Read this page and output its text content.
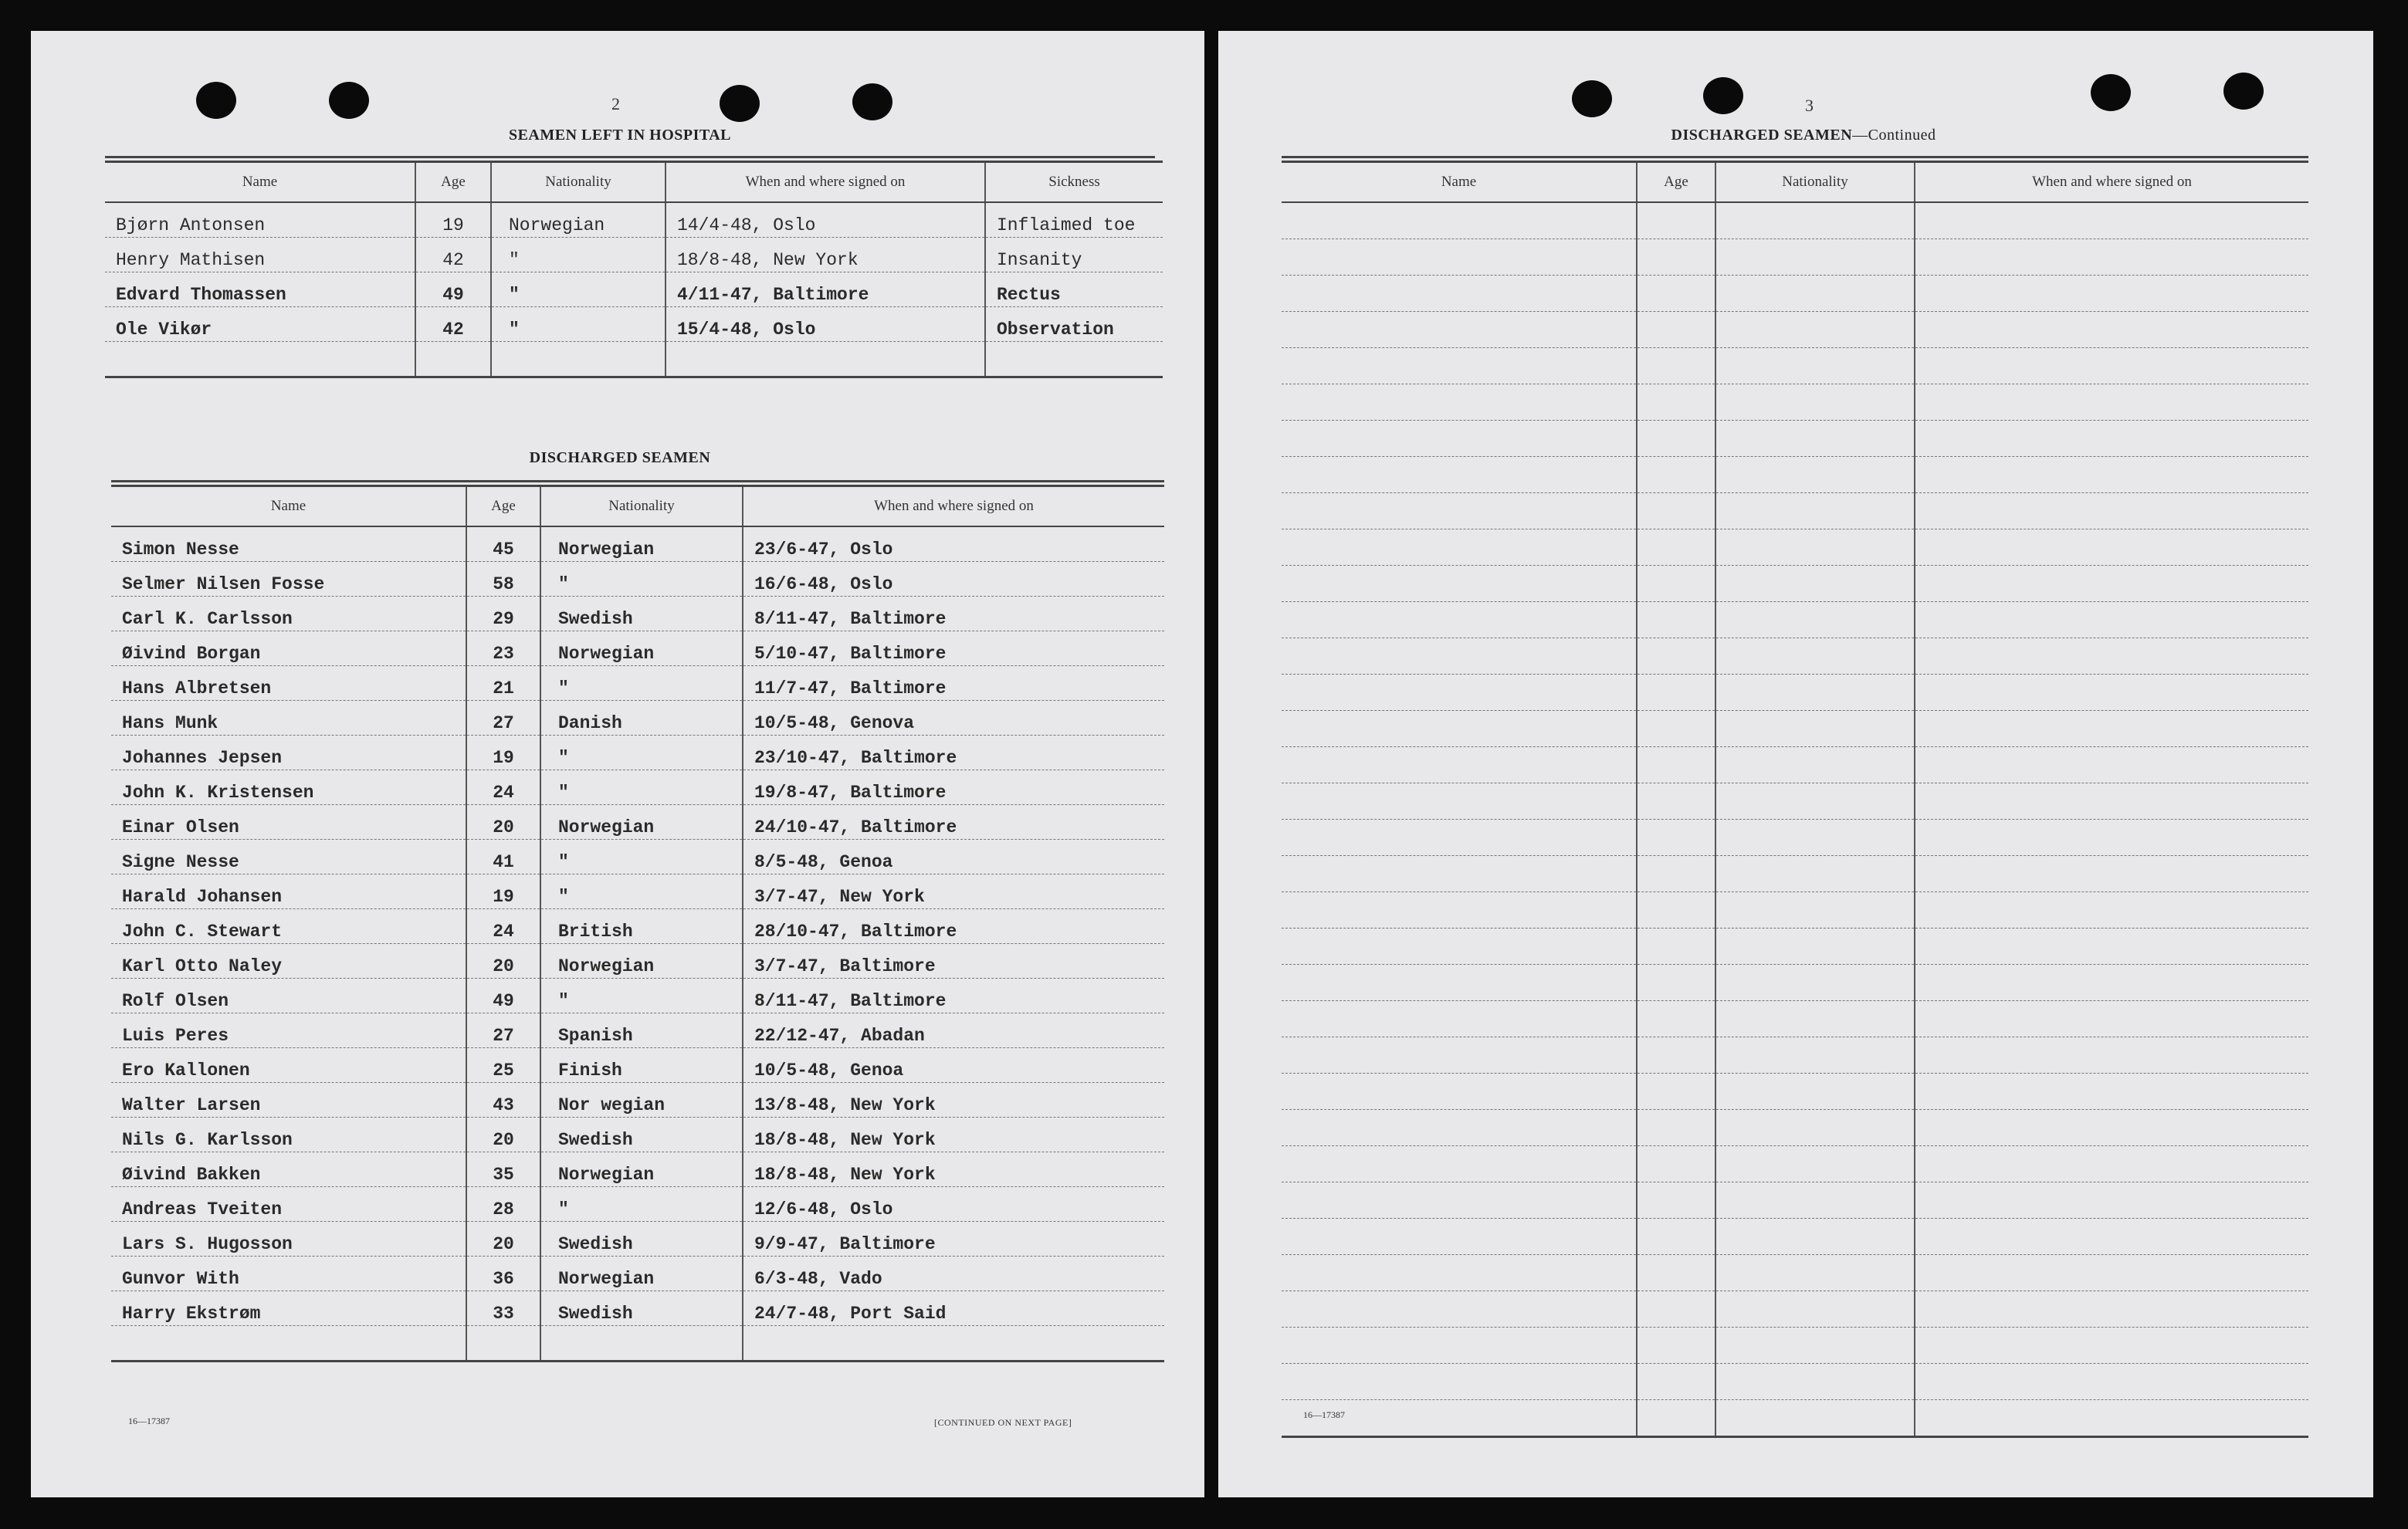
2
SEAMEN LEFT IN HOSPITAL
Name	Age	Nationality	When and where signed on	Sickness
Bjørn Antonsen	19	Norwegian	14/4-48, Oslo	Inflaimed toe
Henry Mathisen	42	"	18/8-48, New York	Insanity
Edvard Thomassen	49	"	4/11-47, Baltimore	Rectus
Ole Vikør	42	"	15/4-48, Oslo	Observation

DISCHARGED SEAMEN
Name	Age	Nationality	When and where signed on
Simon Nesse	45	Norwegian	23/6-47, Oslo
Selmer Nilsen Fosse	58	"	16/6-48, Oslo
Carl K. Carlsson	29	Swedish	8/11-47, Baltimore
Øivind Borgan	23	Norwegian	5/10-47, Baltimore
Hans Albretsen	21	"	11/7-47, Baltimore
Hans Munk	27	Danish	10/5-48, Genova
Johannes Jepsen	19	"	23/10-47, Baltimore
John K. Kristensen	24	"	19/8-47, Baltimore
Einar Olsen	20	Norwegian	24/10-47, Baltimore
Signe Nesse	41	"	8/5-48, Genoa
Harald Johansen	19	"	3/7-47, New York
John C. Stewart	24	British	28/10-47, Baltimore
Karl Otto Naley	20	Norwegian	3/7-47, Baltimore
Rolf Olsen	49	"	8/11-47, Baltimore
Luis Peres	27	Spanish	22/12-47, Abadan
Ero Kallonen	25	Finish	10/5-48, Genoa
Walter Larsen	43	Nor wegian	13/8-48, New York
Nils G. Karlsson	20	Swedish	18/8-48, New York
Øivind Bakken	35	Norwegian	18/8-48, New York
Andreas Tveiten	28	"	12/6-48, Oslo
Lars S. Hugosson	20	Swedish	9/9-47, Baltimore
Gunvor With	36	Norwegian	6/3-48, Vado
Harry Ekstrøm	33	Swedish	24/7-48, Port Said

16—17387	[CONTINUED ON NEXT PAGE]
3
DISCHARGED SEAMEN—Continued
Name	Age	Nationality	When and where signed on

16—17387
